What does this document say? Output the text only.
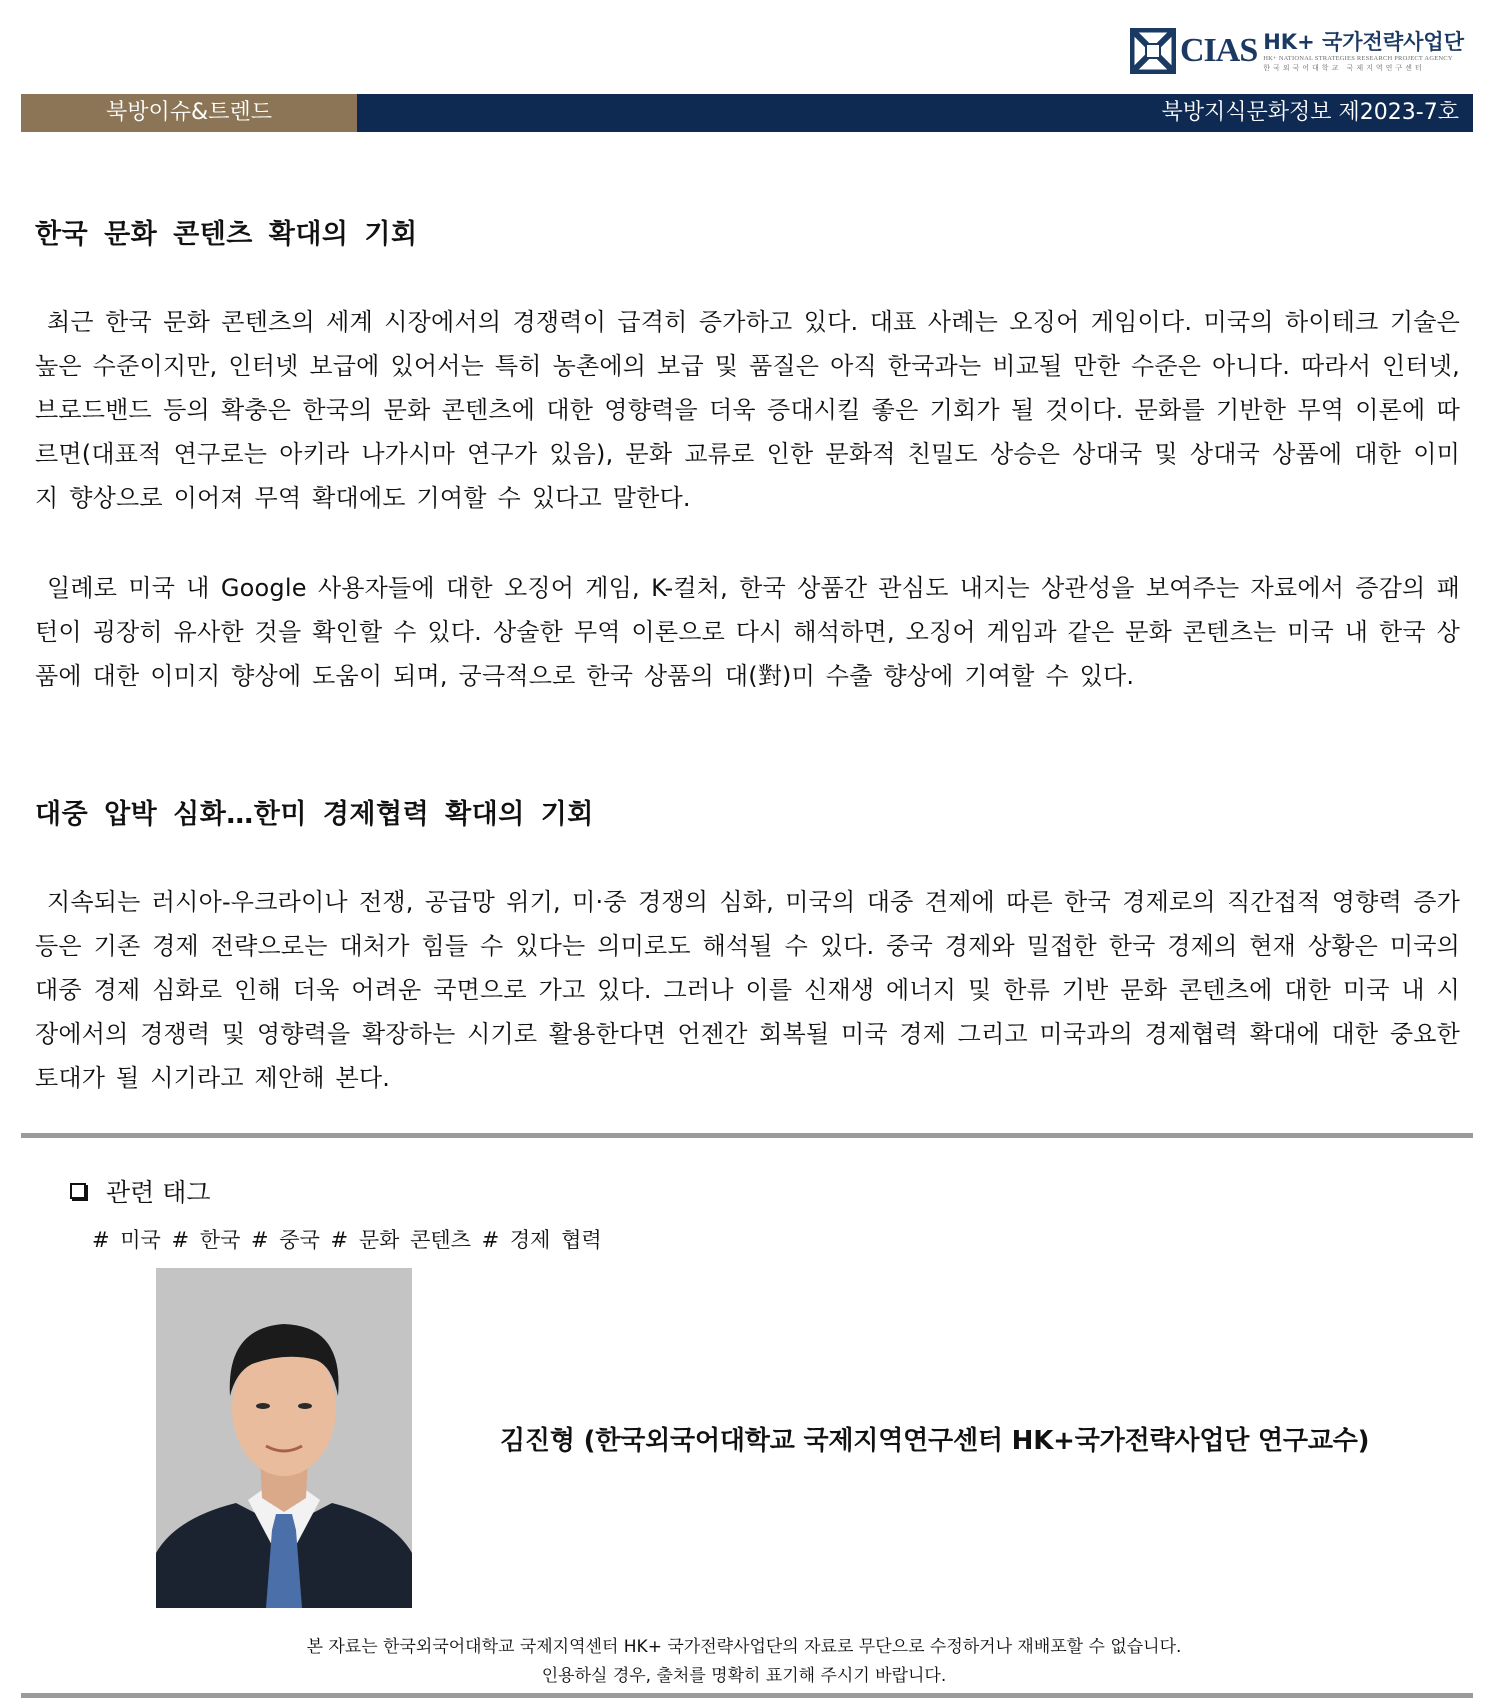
CIAS HK+ 국가전략사업단
HK+ NATIONAL STRATEGIES RESEARCH PROJECT AGENCY
한국외국어대학교 국제지역연구센터
북방이슈&트렌드	북방지식문화정보 제2023-7호
한국 문화 콘텐츠 확대의 기회

최근 한국 문화 콘텐츠의 세계 시장에서의 경쟁력이 급격히 증가하고 있다. 대표 사례는 오징어 게임이다. 미국의 하이테크 기술은 높은 수준이지만, 인터넷 보급에 있어서는 특히 농촌에의 보급 및 품질은 아직 한국과는 비교될 만한 수준은 아니다. 따라서 인터넷, 브로드밴드 등의 확충은 한국의 문화 콘텐츠에 대한 영향력을 더욱 증대시킬 좋은 기회가 될 것이다. 문화를 기반한 무역 이론에 따르면(대표적 연구로는 아키라 나가시마 연구가 있음), 문화 교류로 인한 문화적 친밀도 상승은 상대국 및 상대국 상품에 대한 이미지 향상으로 이어져 무역 확대에도 기여할 수 있다고 말한다.

일례로 미국 내 Google 사용자들에 대한 오징어 게임, K-컬처, 한국 상품간 관심도 내지는 상관성을 보여주는 자료에서 증감의 패턴이 굉장히 유사한 것을 확인할 수 있다. 상술한 무역 이론으로 다시 해석하면, 오징어 게임과 같은 문화 콘텐츠는 미국 내 한국 상품에 대한 이미지 향상에 도움이 되며, 궁극적으로 한국 상품의 대(對)미 수출 향상에 기여할 수 있다.

대중 압박 심화…한미 경제협력 확대의 기회

지속되는 러시아-우크라이나 전쟁, 공급망 위기, 미·중 경쟁의 심화, 미국의 대중 견제에 따른 한국 경제로의 직간접적 영향력 증가 등은 기존 경제 전략으로는 대처가 힘들 수 있다는 의미로도 해석될 수 있다. 중국 경제와 밀접한 한국 경제의 현재 상황은 미국의 대중 경제 심화로 인해 더욱 어려운 국면으로 가고 있다. 그러나 이를 신재생 에너지 및 한류 기반 문화 콘텐츠에 대한 미국 내 시장에서의 경쟁력 및 영향력을 확장하는 시기로 활용한다면 언젠간 회복될 미국 경제 그리고 미국과의 경제협력 확대에 대한 중요한 토대가 될 시기라고 제안해 본다.

관련 태그
# 미국 # 한국 # 중국 # 문화 콘텐츠 # 경제 협력
김진형 (한국외국어대학교 국제지역연구센터 HK+국가전략사업단 연구교수)
본 자료는 한국외국어대학교 국제지역센터 HK+ 국가전략사업단의 자료로 무단으로 수정하거나 재배포할 수 없습니다.
인용하실 경우, 출처를 명확히 표기해 주시기 바랍니다.
